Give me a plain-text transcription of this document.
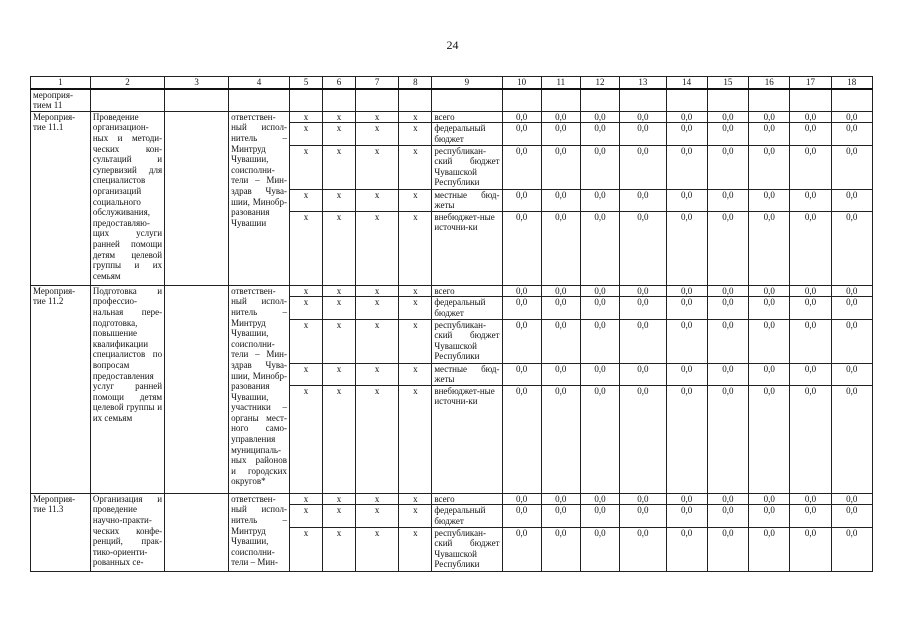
24
1	2	3	4	5	6	7	8	9	10	11	12	13	14	15	16	17	18
мероприя-
тием 11																	
Мероприя-
тие 11.1	Проведение организацион-ных и методи-ческих кон-сультаций и супервизий для специалистов организаций социального обслуживания, предоставляю-щих услуги ранней помощи детям целевой группы и их семьям		ответствен-ный испол-нитель – Минтруд Чувашии, соисполни-тели – Мин-здрав Чува-шии, Минобр-разования Чувашии	х	х	х	х	всего	0,0	0,0	0,0	0,0	0,0	0,0	0,0	0,0	0,0
				х	х	х	х	федеральный бюджет	0,0	0,0	0,0	0,0	0,0	0,0	0,0	0,0	0,0
				х	х	х	х	республикан-ский бюджет Чувашской Республики	0,0	0,0	0,0	0,0	0,0	0,0	0,0	0,0	0,0
				х	х	х	х	местные бюд-жеты	0,0	0,0	0,0	0,0	0,0	0,0	0,0	0,0	0,0
				х	х	х	х	внебюджет-ные источни-ки	0,0	0,0	0,0	0,0	0,0	0,0	0,0	0,0	0,0
Мероприя-
тие 11.2	Подготовка и профессио-нальная пере-подготовка, повышение квалификации специалистов по вопросам предоставления услуг ранней помощи детям целевой группы и их семьям		ответствен-ный испол-нитель – Минтруд Чувашии, соисполни-тели – Мин-здрав Чува-шии, Минобр-разования Чувашии, участники – органы мест-ного само-управления муниципаль-ных районов и городских округов*	х	х	х	х	всего	0,0	0,0	0,0	0,0	0,0	0,0	0,0	0,0	0,0
				х	х	х	х	федеральный бюджет	0,0	0,0	0,0	0,0	0,0	0,0	0,0	0,0	0,0
				х	х	х	х	республикан-ский бюджет Чувашской Республики	0,0	0,0	0,0	0,0	0,0	0,0	0,0	0,0	0,0
				х	х	х	х	местные бюд-жеты	0,0	0,0	0,0	0,0	0,0	0,0	0,0	0,0	0,0
				х	х	х	х	внебюджет-ные источни-ки	0,0	0,0	0,0	0,0	0,0	0,0	0,0	0,0	0,0
Мероприя-
тие 11.3	Организация и проведение научно-практи-ческих конфе-ренций, прак-тико-ориенти-рованных се-		ответствен-ный испол-нитель – Минтруд Чувашии, соисполни-тели – Мин-	х	х	х	х	всего	0,0	0,0	0,0	0,0	0,0	0,0	0,0	0,0	0,0
				х	х	х	х	федеральный бюджет	0,0	0,0	0,0	0,0	0,0	0,0	0,0	0,0	0,0
				х	х	х	х	республикан-ский бюджет Чувашской Республики	0,0	0,0	0,0	0,0	0,0	0,0	0,0	0,0	0,0
